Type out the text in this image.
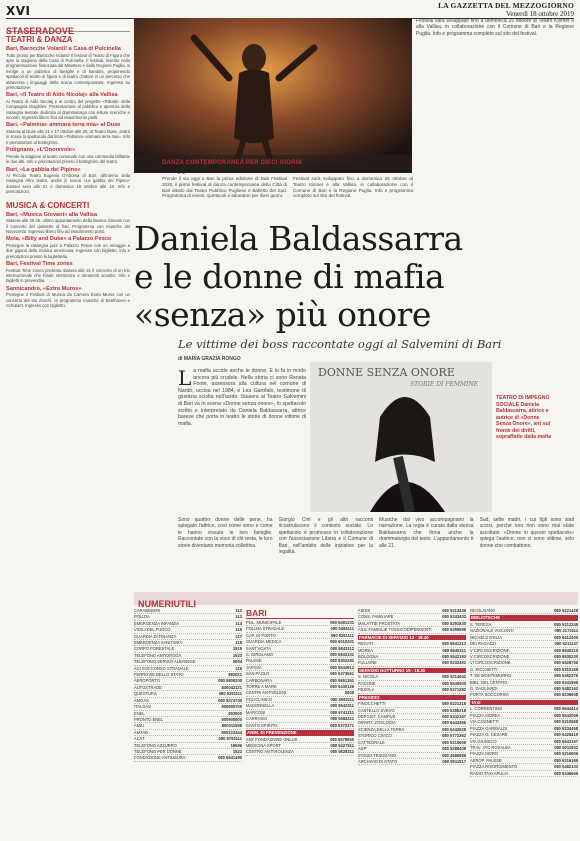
XVI	LA GAZZETTA DEL MEZZOGIORNO
Venerdì 18 ottobre 2019
STASERADOVE
TEATRI & DANZA
Bari, Barocche Volanti! a Casa di Pulcinella

Tutto pronto per Barocche Volanti! Il festival di Teatro di Figura che apre la stagione della Casa di Pulcinella. Il festival, inserito nella programmazione finanziata dal Ministero e dalla Regione Puglia, si rivolge a un pubblico di famiglie e di bambini, proponendo spettacoli di teatro di figura e di teatro d'attore in un percorso che attraversa i linguaggi della scena contemporanea. Ingresso su prenotazione.

Bari, «Il Teatro di Aldo Nicolaj» alla Vallisa

Al Teatro di Aldo Nicolaj e al centro del progetto «Ritratti» della Compagnia Diaghilev. Presentazione al pubblico e apertura della rassegna teatrale dedicata al drammaturgo con letture sceniche e incontri. Ingresso libero fino ad esaurimento posti.

Bari, «Palmina» ammara terra mia» al Duse

Stasera al Duse alle 21 e 17 ottobre alle 20, al Teatro Duse, andrà in scena lo spettacolo dal titolo «Palmina» ammara terra mia». Info e prenotazioni al botteghino.

Putignano, «L'Onorevole»

Prende la stagione al teatro comunale con una commedia brillante in due atti. Info e prenotazioni presso il botteghino del teatro.

Bari, «La gabbia dei Pipino»

Al Piccolo Teatro Eugenio D'Attoma di Bari, all'interno della rassegna Altro teatro, andrà in scena «La gabbia dei Pipino» domani sera alle 21 e domenica 18 ottobre alle 18. Info e prenotazioni.

MUSICA & CONCERTI
Bari, «Musica Giovani» alla Vallisa

Stasera alle 20.45, ultimo appuntamento della Musica Giovani con il concerto del quintetto di fiati. Programma con musiche del Novecento. Ingresso libero fino ad esaurimento posti.

Mola, «Billy and Duke» a Palazzo Pesce

Prosegue la rassegna jazz a Palazzo Pesce con un omaggio a due giganti della musica americana. Ingresso con biglietto, info e prenotazioni presso la biglietteria.

Bari, Festival Time zones

Festival Time zones presenta stasera alle 21 il concerto di un trio internazionale che fonde elettronica e strumenti acustici. Info e biglietti in prevendita.

Sannicandro, «Extra Muros»

Prosegue il Festival di Musica da Camera Extra Muros con un concerto del trio d'archi. In programma musiche di Beethoven e Schubert. Ingresso con biglietto.

Festival sarà sviluppato fino a domenica 25 ottobre al Teatro Kismet e alla Vallisa, in collaborazione con il Comune di Bari e la Regione Puglia. Info e programma completo sul sito del festival.

DANZA CONTEMPORANEA PER DIECI GIORNI
Da oggi a Bari il «Dab Festival 2020»

Prende il via oggi a Bari la prima edizione di Dab Festival 2020, il primo festival di danza contemporanea della Città di Bari ideato dal Teatro Pubblico Pugliese e Balletto del Sud. Programma di eventi, spettacoli e laboratori per dieci giorni.

Festival sarà sviluppato fino a domenica 25 ottobre al Teatro Kismet e alla Vallisa, in collaborazione con il Comune di Bari e la Regione Puglia. Info e programma completo sul sito del festival.

Daniela Baldassarra
e le donne di mafia
«senza» più onore
Le vittime dei boss raccontate oggi al Salvemini di Bari
di MARIA GRAZIA RONGO
L a mafia uccide anche le donne. E lo fa in modo ancora più crudele. Nella storia ci sono Renata Fonte, assessora alla cultura nel comune di Nardò, uccisa nel 1984, e Lea Garofalo, testimone di giustizia sciolta nell'acido. Stasera al Teatro Salvemini di Bari va in scena «Donne senza onore», lo spettacolo scritto e interpretato da Daniela Baldassarra, attrice barese che porta in teatro le storie di donne vittime di mafia.

DONNE SENZA ONORE
STORIE DI FEMMINE
TEATRO DI IMPEGNO SOCIALE Daniela Baldassarra, attrice e autrice di «Donne Senza Onore», ieri sul fronte dei diritti, sopraffatte dalla mafia

Sono quattro donne delle pene, ha spiegato l'attrice, così come sono e come le hanno vissute le loro famiglie. Raccontate con la voce di chi resta, le loro storie diventano memoria collettiva.

Giorgio Cini e gli altri racconti ricostruiscono il contesto sociale. Lo spettacolo è promosso in collaborazione con l'associazione Libera e il Comune di Bari, nell'ambito delle iniziative per la legalità.

Musiche dal vivo accompagnano la narrazione. La regia è curata dalla stessa Baldassarra che firma anche la drammaturgia del testo. L'appuntamento è alle 21.

Sud, sette madri, i cui figli sono stati uccisi, perché loro non sono mai state ascoltate. «Donne in questo spettacolo» spiega l'autrice, non ci sono vittime, solo donne che combattono.

NUMERIUTILI
CARABINIERI	112
POLIZIA	113
EMERGENZA INFANZIA	114
VIGILI DEL FUOCO	115
GUARDIA DI FINANZA	117
EMERGENZA SANITARIA	118
CORPO FORESTALE	1515
TELEFONO ANTIDROGA	1523
TELEFONO SERVIZI ALBANESE	0804
ACI SOCCORSO STRADALE	116
FERROVIE DELLO STATO	892021
AEROPORTO	080 5800200
AUTOSTRADE	840042121
QUESTURA	080 5291111
AMGAS	080 5474700
ITALGAS	800900700
ENEL	803500
PRONTO ENEL	800900800
AMIU	800011558
AMTAB	800223344
ACAT	080 5793111
TELEFONO AZZURRO	19696
TELEFONO PER DONNE	1522
FONDAZIONE ANTIUSURA	080 5541490
BARI
POL. MUNICIPALE	080 5491331
POLIZIA STRADALE	080 5484111
CAP. DI PORTO	080 5281111
GUARDIA MEDICA	080 5010201
SANT'AGATA	080 5843112
S. GIROLAMO	080 5843101
PALESE	080 5302281
JAPIGIA	080 5544912
SAN PAOLO	080 5373561
CARBONARA	080 5651361
TORRE A MARE	080 5430126
CENTRI ANTIVELENI	0805
POLICLINICO	080 5593111
MADONNELLA	080 5542311
MARCONI	080 5741211
CARRASSI	080 5584211
SANTO SPIRITO	080 5372371
ANIM. DI PREVENZIONE
ANT FONDAZIONE ONLUS	080 5578950
MEDICINA SPORT	080 5427511
CENTRO ANTIVIOLENZA	080 5528311
AIEDS	080 5213436
CONS. FAMILIARE	080 5243403
MALATTIE PROSTATA	080 5291830
ASS. FAMIGLIE TOSSICODIPENDENTI	080 5290699
FARMACIE DI SERVIZIO 13 - 18.30
REGATI	080 5541213
MOREA	080 5545211
BOLOGNA	080 5542193
FULLONE	080 5232491
SERVIZIO NOTTURNO 19 - 18.30
S. NICOLA	080 5214041
RAGONE	080 5540500
PESOLA	080 5371282
PRESIDIO
FINOCCHETTI	080 5221318
CASTELLO SVEVO	080 5286218
DEPOSIT. CAMPUS	080 5242167
DIPART. ZOOLOGIA	080 5443366
SCIENZA DELLA TERRA	080 5442628
STORICO CIVICO	080 5772362
CATTEDRALE	080 5210605
AGP	080 5286408
IPOGEI TRIGGIANO	080 4686886
ARCHIVIO DI STATO	080 5511517
NICOLAIANO	080 5221428
BIBLIOTECHE
S. TERESA	080 5212245
NAZIONALE VISCONTI	080 2173111
MICHELE D'ELIA	080 5412400
DEI RAGAZZI	080 5211147
V CIRCOSCRIZIONE	080 5540210
V CIRCOSCRIZIONE	080 5530230
VI CIRCOSCRIZIONE	080 5528756
G. RICCHETTI	080 5310158
T. DE MONTEMURRO	080 5482376
BIBL. DEL CENTRO	080 5341556
G. DAGLIARDI	080 5482162
PORTA SOCCORSO	080 5236608
TAXI
L. CORRENTINO	080 5644414
PIAZZA MOREA	080 5542059
VIA COGNETTI	080 5210668
PIAZZA GARIBALDI	080 5234468
PIAZZA G. CESARE	080 5425419
VIA GIUNSCO	080 5543167
TRAV. 4TC ROSALBA	080 5011832
PIAZZA MORO	080 5216906
AEROP. PALESE	080 5316169
PIAZZA RISORGIMENTO	080 5482102
RADIO TAXI APULIA	080 5346666
